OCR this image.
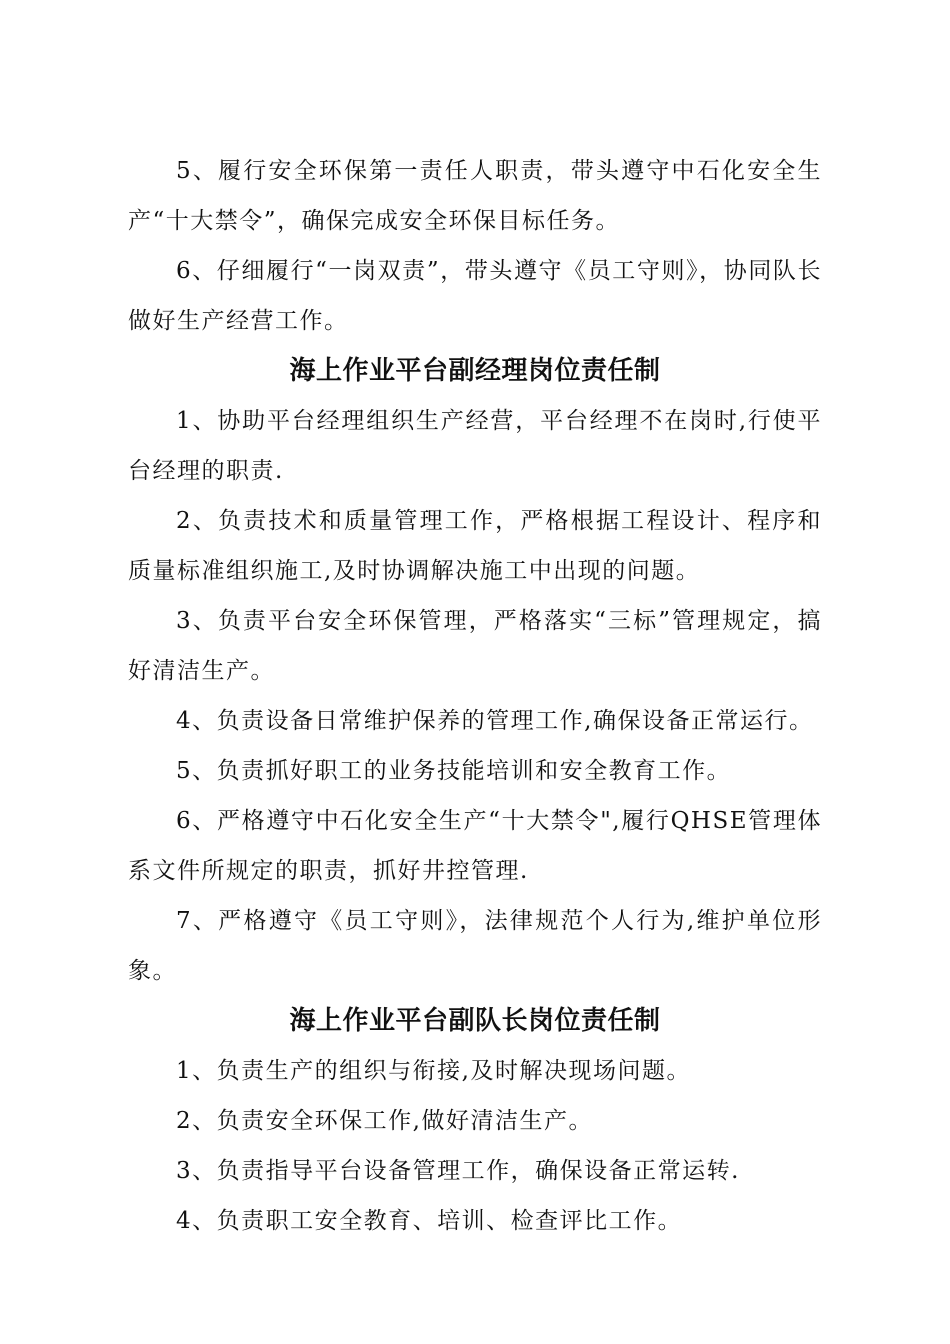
5、履行安全环保第一责任人职责，带头遵守中石化安全生产“十大禁令”，确保完成安全环保目标任务。

6、仔细履行“一岗双责”，带头遵守《员工守则》，协同队长做好生产经营工作。

海上作业平台副经理岗位责任制

1、协助平台经理组织生产经营，平台经理不在岗时,行使平台经理的职责.

2、负责技术和质量管理工作，严格根据工程设计、程序和质量标准组织施工,及时协调解决施工中出现的问题。

3、负责平台安全环保管理，严格落实“三标”管理规定，搞好清洁生产。

4、负责设备日常维护保养的管理工作,确保设备正常运行。

5、负责抓好职工的业务技能培训和安全教育工作。

6、严格遵守中石化安全生产“十大禁令",履行QHSE管理体系文件所规定的职责，抓好井控管理.

7、严格遵守《员工守则》，法律规范个人行为,维护单位形象。

海上作业平台副队长岗位责任制

1、负责生产的组织与衔接,及时解决现场问题。

2、负责安全环保工作,做好清洁生产。

3、负责指导平台设备管理工作，确保设备正常运转.

4、负责职工安全教育、培训、检查评比工作。
